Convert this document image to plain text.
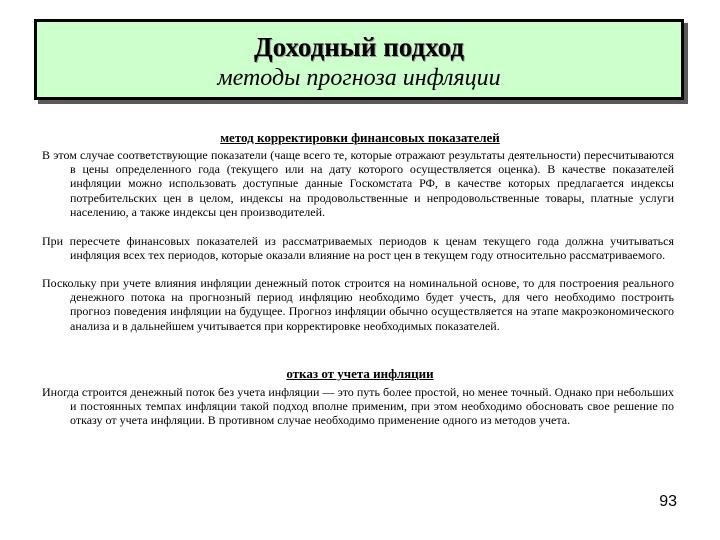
Доходный подход
методы прогноза инфляции
метод корректировки финансовых показателей

В этом случае соответствующие показатели (чаще всего те, которые отражают результаты деятельности) пересчитываются в цены определенного года (текущего или на дату которого осуществляется оценка). В качестве показателей инфляции можно использовать доступные данные Госкомстата РФ, в качестве которых предлагается индексы потребительских цен в целом, индексы на продовольственные и непродовольственные товары, платные услуги населению, а также индексы цен производителей.

При пересчете финансовых показателей из рассматриваемых периодов к ценам текущего года должна учитываться инфляция всех тех периодов, которые оказали влияние на рост цен в текущем году относительно рассматриваемого.

Поскольку при учете влияния инфляции денежный поток строится на номинальной основе, то для построения реального денежного потока на прогнозный период инфляцию необходимо будет учесть, для чего необходимо построить прогноз поведения инфляции на будущее. Прогноз инфляции обычно осуществляется на этапе макроэкономического анализа и в дальнейшем учитывается при корректировке необходимых показателей.

отказ от учета инфляции

Иногда строится денежный поток без учета инфляции — это путь более простой, но менее точный. Однако при небольших и постоянных темпах инфляции такой подход вполне применим, при этом необходимо обосновать свое решение по отказу от учета инфляции. В противном случае необходимо применение одного из методов учета.

93
